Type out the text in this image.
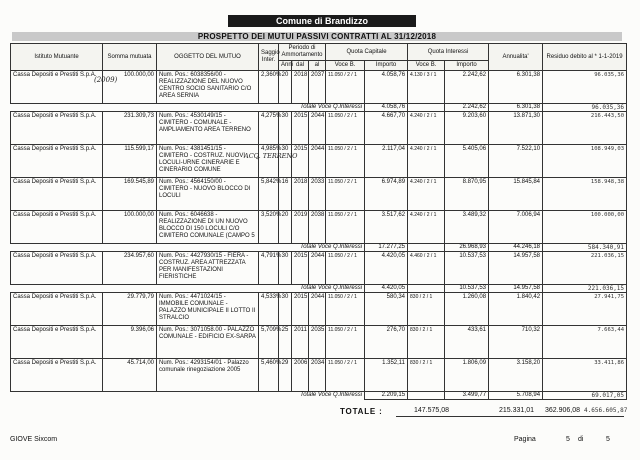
Comune di Brandizzo
PROSPETTO DEI MUTUI PASSIVI CONTRATTI AL 31/12/2018
Istituto Mutuante	Somma mutuata	OGGETTO DEL MUTUO	Saggio Inter.	Periodo di Ammortamento			Quota Capitale		Quota Interessi		Annualita'	Residuo debito al * 1-1-2019
				Anni	dal	al	Voce B.	Importo	Voce B.	Importo		
Cassa Depositi e Prestiti S.p.A.	100.000,00	Num. Pos.: 6038356/00 - REALIZZAZIONE DEL NUOVO CENTRO SOCIO SANITARIO C/O AREA SERNIA	2,360%	20	2018	2037	11.050 / 2 / 1	4.058,76	4.130 / 3 / 1	2.242,62	6.301,38	96.035,36
Totale Voce Q.Interessi								4.058,76		2.242,62	6.301,38	96.035,36
Cassa Depositi e Prestiti S.p.A.	231.309,73	Num. Pos.: 4530149/15 - CIMITERO - COMUNALE - AMPLIAMENTO AREA TERRENO	4,275%	30	2015	2044	11.050 / 2 / 1	4.667,70	4.240 / 2 / 1	9.203,60	13.871,30	216.443,50
Cassa Depositi e Prestiti S.p.A.	115.599,17	Num. Pos.: 4381451/15 - CIMITERO - COSTRUZ. NUOVI LOCULI-URNE CINERARIE E CINERARIO COMUNE	4,985%	30	2015	2044	11.050 / 2 / 1	2.117,04	4.240 / 2 / 1	5.405,06	7.522,10	108.949,03
Cassa Depositi e Prestiti S.p.A.	169.545,89	Num. Pos.: 4564150/00 - CIMITERO - NUOVO BLOCCO DI LOCULI	5,842%	16	2018	2033	11.050 / 2 / 1	6.974,89	4.240 / 2 / 1	8.870,95	15.845,84	158.948,38
Cassa Depositi e Prestiti S.p.A.	100.000,00	Num. Pos.: 6046638 - REALIZZAZIONE DI UN NUOVO BLOCCO DI 150 LOCULI C/O CIMITERO COMUNALE (CAMPO 5	3,520%	20	2019	2038	11.050 / 2 / 1	3.517,62	4.240 / 2 / 1	3.489,32	7.006,94	100.000,00
Totale Voce Q.Interessi								17.277,25		26.968,93	44.246,18	584.340,91
Cassa Depositi e Prestiti S.p.A.	234.957,60	Num. Pos.: 4427930/15 - FIERA - COSTRUZ. AREA ATTREZZATA PER MANIFESTAZIONI FIERISTICHE	4,791%	30	2015	2044	11.050 / 2 / 1	4.420,05	4.460 / 2 / 1	10.537,53	14.957,58	221.036,15
Totale Voce Q.Interessi								4.420,05		10.537,53	14.957,58	221.036,15
Cassa Depositi e Prestiti S.p.A.	29.779,79	Num. Pos.: 4471024/15 - IMMOBILE COMUNALE - PALAZZO MUNICIPALE II LOTTO II STRALCIO	4,533%	30	2015	2044	11.050 / 2 / 1	580,34	830 / 2 / 1	1.260,08	1.840,42	27.941,75
Cassa Depositi e Prestiti S.p.A.	9.396,06	Num. Pos.: 3071058.00 - PALAZZO COMUNALE - EDIFICIO EX-SARPA	5,709%	25	2011	2035	11.050 / 2 / 1	276,70	830 / 2 / 1	433,61	710,32	7.663,44
Cassa Depositi e Prestiti S.p.A.	45.714,00	Num. Pos.: 4293154/01 - Palazzo comunale rinegoziazione 2005	5,460%	29	2006	2034	11.050 / 2 / 1	1.352,11	830 / 2 / 1	1.806,09	3.158,20	33.411,86
Totale Voce Q.Interessi								2.209,15		3.499,77	5.708,94	69.017,05
TOTALE :	147.575,08	215.331,01	362.906,08 4.656.605,87
GIOVE Sixcom	Pagina	5 di	5
(2009)
ACQ. TERRENO
